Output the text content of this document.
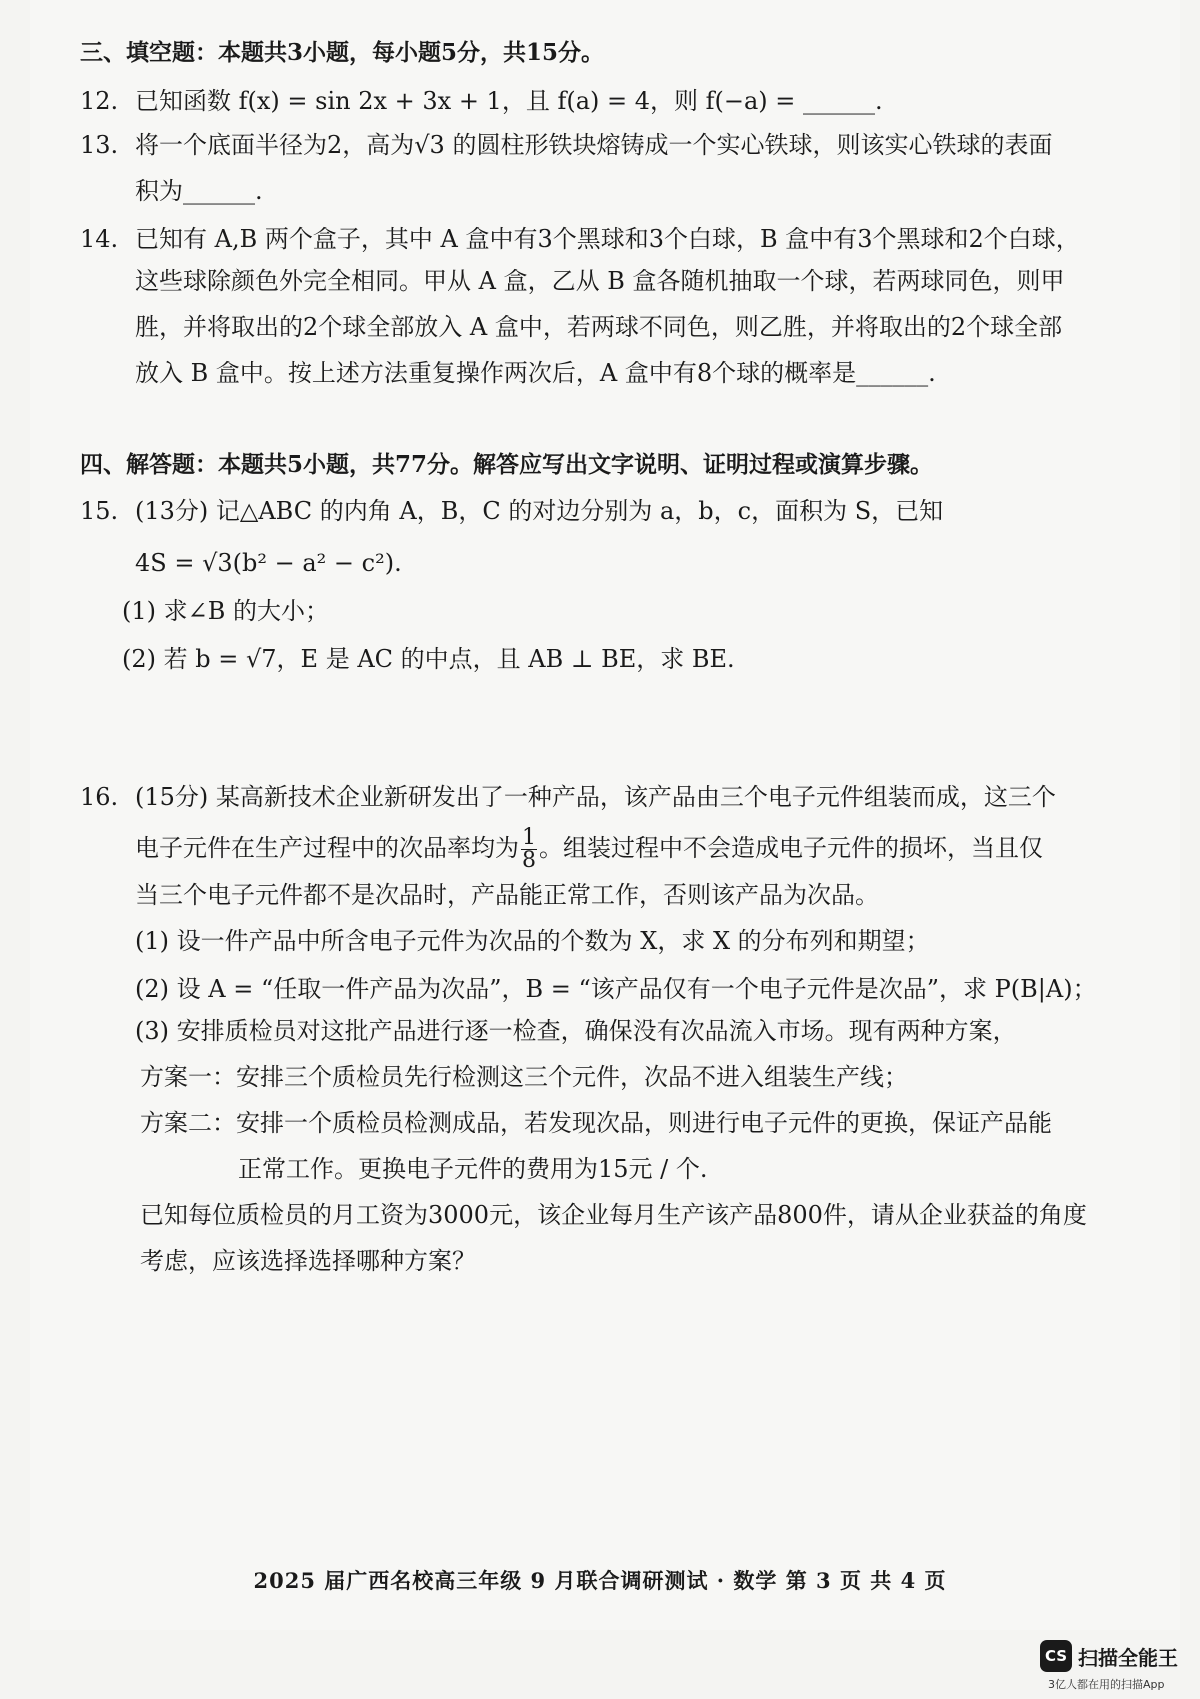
三、填空题：本题共3小题，每小题5分，共15分。
12. 已知函数 f(x) = sin 2x + 3x + 1，且 f(a) = 4，则 f(−a) = ______.
13. 将一个底面半径为2，高为√3 的圆柱形铁块熔铸成一个实心铁球，则该实心铁球的表面
积为______.
14. 已知有 A,B 两个盒子，其中 A 盒中有3个黑球和3个白球，B 盒中有3个黑球和2个白球，
这些球除颜色外完全相同。甲从 A 盒，乙从 B 盒各随机抽取一个球，若两球同色，则甲
胜，并将取出的2个球全部放入 A 盒中，若两球不同色，则乙胜，并将取出的2个球全部
放入 B 盒中。按上述方法重复操作两次后，A 盒中有8个球的概率是______.
四、解答题：本题共5小题，共77分。解答应写出文字说明、证明过程或演算步骤。
15. (13分) 记△ABC 的内角 A，B，C 的对边分别为 a，b，c，面积为 S，已知
4S = √3(b² − a² − c²).
(1) 求∠B 的大小；
(2) 若 b = √7，E 是 AC 的中点，且 AB ⊥ BE，求 BE.
16. (15分) 某高新技术企业新研发出了一种产品，该产品由三个电子元件组装而成，这三个
电子元件在生产过程中的次品率均为 $\frac{1}{8}$ 。组装过程中不会造成电子元件的损坏，当且仅
当三个电子元件都不是次品时，产品能正常工作，否则该产品为次品。
(1) 设一件产品中所含电子元件为次品的个数为 X，求 X 的分布列和期望；
(2) 设 A = “任取一件产品为次品”，B = “该产品仅有一个电子元件是次品”，求 P(B|A)；
(3) 安排质检员对这批产品进行逐一检查，确保没有次品流入市场。现有两种方案，
方案一：安排三个质检员先行检测这三个元件，次品不进入组装生产线；
方案二：安排一个质检员检测成品，若发现次品，则进行电子元件的更换，保证产品能
正常工作。更换电子元件的费用为15元 / 个.
已知每位质检员的月工资为3000元，该企业每月生产该产品800件，请从企业获益的角度
考虑，应该选择选择哪种方案？
2025 届广西名校高三年级 9 月联合调研测试 · 数学 第 3 页 共 4 页
CS 扫描全能王
3亿人都在用的扫描App
